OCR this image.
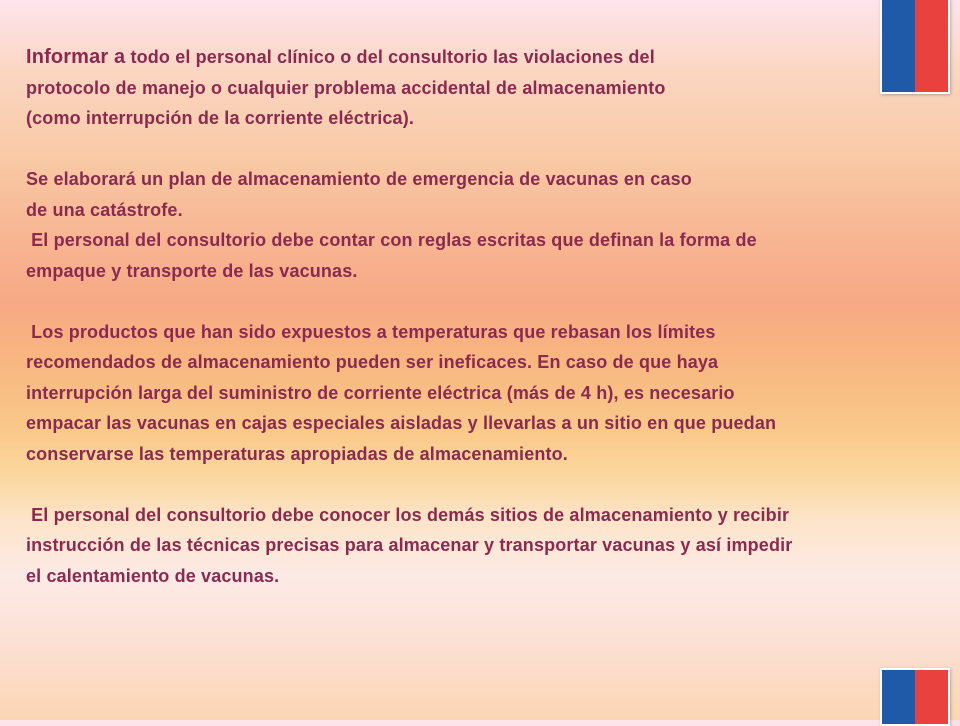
Informar a todo el personal clínico o del consultorio las violaciones del
protocolo de manejo o cualquier problema accidental de almacenamiento
(como interrupción de la corriente eléctrica).

Se elaborará un plan de almacenamiento de emergencia de vacunas en caso
de una catástrofe.
El personal del consultorio debe contar con reglas escritas que definan la forma de
empaque y transporte de las vacunas.

Los productos que han sido expuestos a temperaturas que rebasan los límites
recomendados de almacenamiento pueden ser ineficaces. En caso de que haya
interrupción larga del suministro de corriente eléctrica (más de 4 h), es necesario
empacar las vacunas en cajas especiales aisladas y llevarlas a un sitio en que puedan
conservarse las temperaturas apropiadas de almacenamiento.

El personal del consultorio debe conocer los demás sitios de almacenamiento y recibir
instrucción de las técnicas precisas para almacenar y transportar vacunas y así impedir
el calentamiento de vacunas.
